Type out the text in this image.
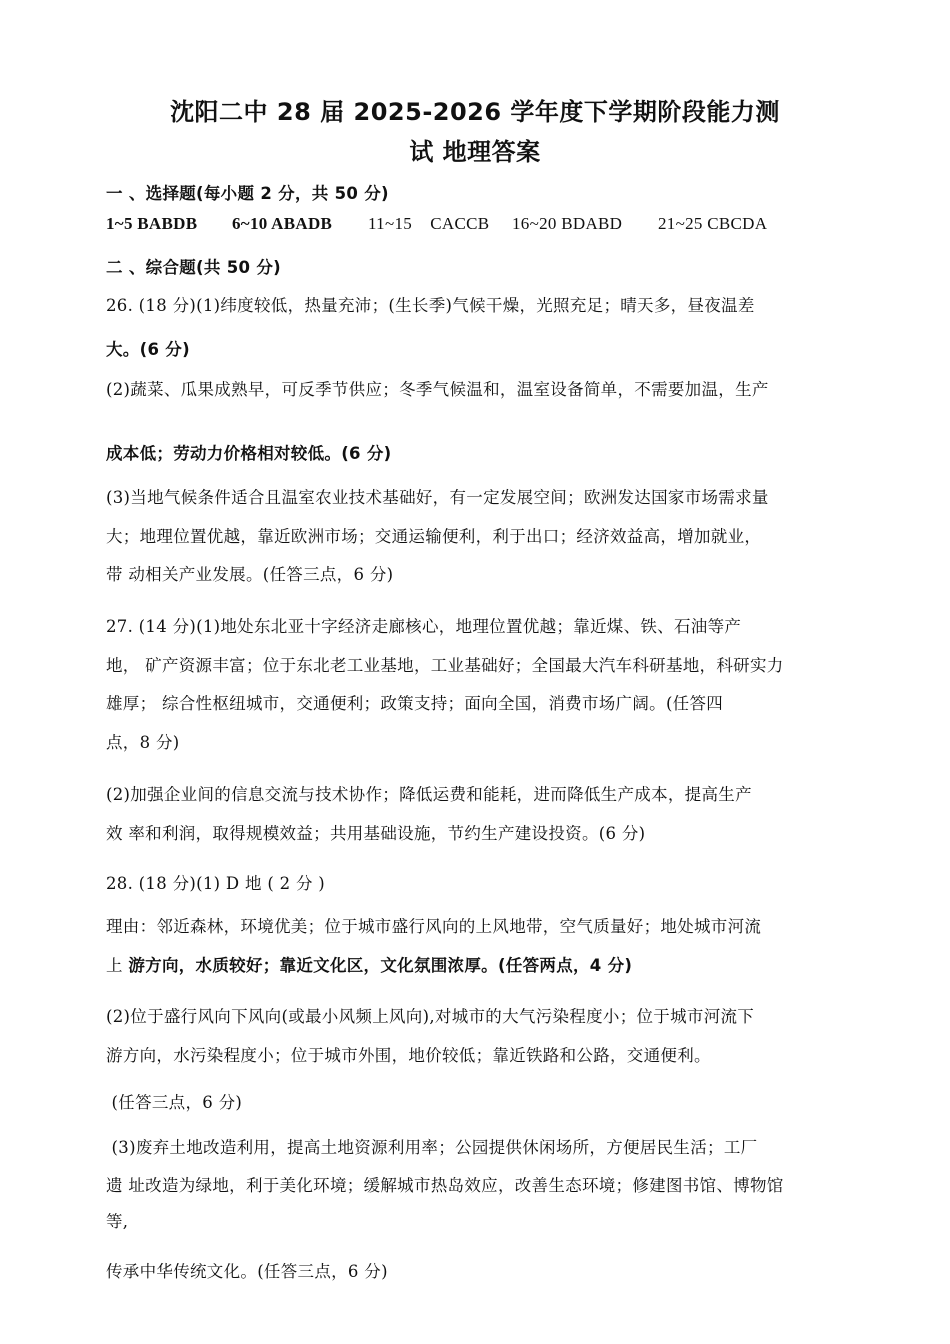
沈阳二中 28 届 2025-2026 学年度下学期阶段能力测
试 地理答案
一 、选择题(每小题 2 分，共 50 分)
1~5 BABDB 6~10 ABADB 11~15    CACCB 16~20 BDABD 21~25 CBCDA
二 、综合题(共 50 分)
26. (18 分)(1)纬度较低，热量充沛；(生长季)气候干燥，光照充足；晴天多，昼夜温差
大。(6 分)
(2)蔬菜、瓜果成熟早，可反季节供应；冬季气候温和，温室设备简单，不需要加温，生产
成本低；劳动力价格相对较低。(6 分)
(3)当地气候条件适合且温室农业技术基础好，有一定发展空间；欧洲发达国家市场需求量
大；地理位置优越，靠近欧洲市场；交通运输便利，利于出口；经济效益高，增加就业，
带 动相关产业发展。(任答三点，6 分)
27. (14 分)(1)地处东北亚十字经济走廊核心，地理位置优越；靠近煤、铁、石油等产
地， 矿产资源丰富；位于东北老工业基地，工业基础好；全国最大汽车科研基地，科研实力
雄厚； 综合性枢纽城市，交通便利；政策支持；面向全国，消费市场广阔。(任答四
点，8 分)
(2)加强企业间的信息交流与技术协作；降低运费和能耗，进而降低生产成本，提高生产
效 率和利润，取得规模效益；共用基础设施，节约生产建设投资。(6 分)
28. (18 分)(1) D 地 ( 2 分 )
理由：邻近森林，环境优美；位于城市盛行风向的上风地带，空气质量好；地处城市河流
上 游方向，水质较好；靠近文化区，文化氛围浓厚。(任答两点，4 分)
(2)位于盛行风向下风向(或最小风频上风向),对城市的大气污染程度小；位于城市河流下
游方向，水污染程度小；位于城市外围，地价较低；靠近铁路和公路，交通便利。
(任答三点，6 分)
(3)废弃土地改造利用，提高土地资源利用率；公园提供休闲场所，方便居民生活；工厂
遗 址改造为绿地，利于美化环境；缓解城市热岛效应，改善生态环境；修建图书馆、博物馆
等,
传承中华传统文化。(任答三点，6 分)
